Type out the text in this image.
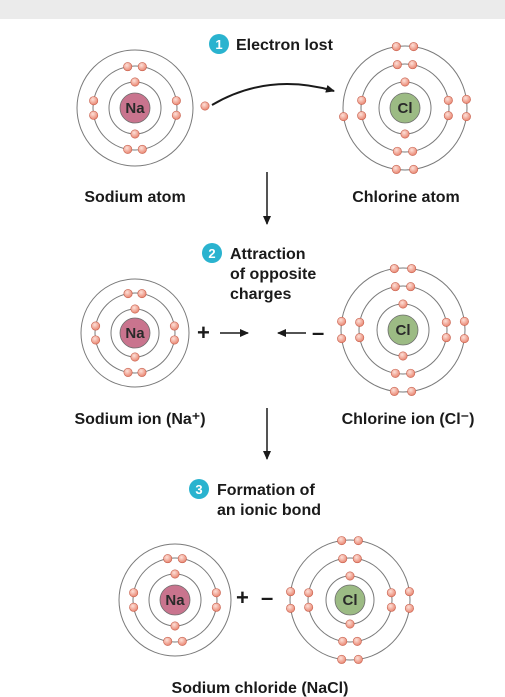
Na	Cl
Na	Cl
Na	Cl
1 Electron lost
Sodium atom	Chlorine atom
2 Attraction
of opposite
charges
+	–
Sodium ion (Na⁺)	Chlorine ion (Cl⁻)
3 Formation of
an ionic bond
+ –
Sodium chloride (NaCl)
